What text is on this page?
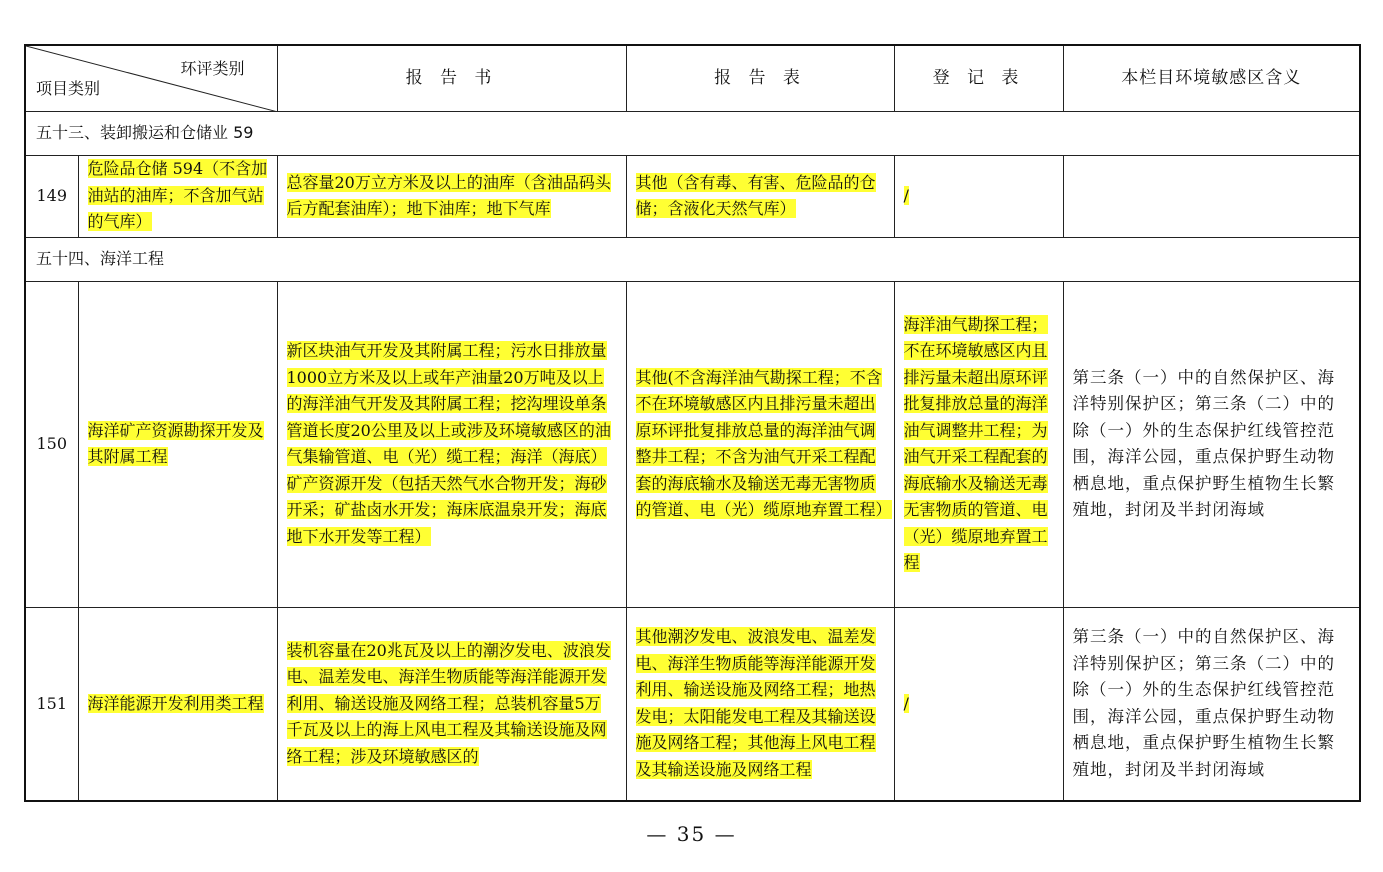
环评类别
项目类别		报 告 书	报 告 表	登 记 表	本栏目环境敏感区含义
五十三、装卸搬运和仓储业 59					
149	危险品仓储 594（不含加油站的油库；不含加气站的气库）	总容量20万立方米及以上的油库（含油品码头后方配套油库）；地下油库；地下气库	其他（含有毒、有害、危险品的仓储；含液化天然气库）	/	
五十四、海洋工程					
150	海洋矿产资源勘探开发及其附属工程	新区块油气开发及其附属工程；污水日排放量1000立方米及以上或年产油量20万吨及以上的海洋油气开发及其附属工程；挖沟埋设单条管道长度20公里及以上或涉及环境敏感区的油气集输管道、电（光）缆工程；海洋（海底）矿产资源开发（包括天然气水合物开发；海砂开采；矿盐卤水开发；海床底温泉开发；海底地下水开发等工程）	其他(不含海洋油气勘探工程；不含不在环境敏感区内且排污量未超出原环评批复排放总量的海洋油气调整井工程；不含为油气开采工程配套的海底输水及输送无毒无害物质的管道、电（光）缆原地弃置工程）	海洋油气勘探工程；不在环境敏感区内且排污量未超出原环评批复排放总量的海洋油气调整井工程；为油气开采工程配套的海底输水及输送无毒无害物质的管道、电（光）缆原地弃置工程	第三条（一）中的自然保护区、海洋特别保护区；第三条（二）中的除（一）外的生态保护红线管控范围，海洋公园，重点保护野生动物栖息地，重点保护野生植物生长繁殖地，封闭及半封闭海域
151	海洋能源开发利用类工程	装机容量在20兆瓦及以上的潮汐发电、波浪发电、温差发电、海洋生物质能等海洋能源开发利用、输送设施及网络工程；总装机容量5万千瓦及以上的海上风电工程及其输送设施及网络工程；涉及环境敏感区的	其他潮汐发电、波浪发电、温差发电、海洋生物质能等海洋能源开发利用、输送设施及网络工程；地热发电；太阳能发电工程及其输送设施及网络工程；其他海上风电工程及其输送设施及网络工程	/	第三条（一）中的自然保护区、海洋特别保护区；第三条（二）中的除（一）外的生态保护红线管控范围，海洋公园，重点保护野生动物栖息地，重点保护野生植物生长繁殖地，封闭及半封闭海域
— 35 —
